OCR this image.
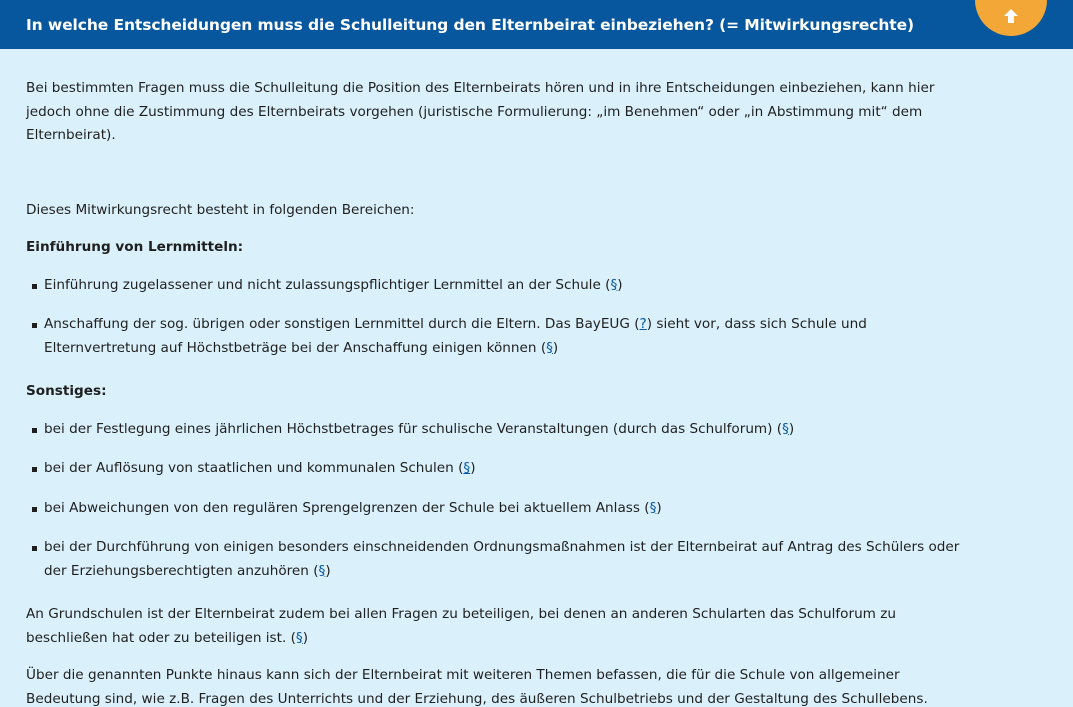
In welche Entscheidungen muss die Schulleitung den Elternbeirat einbeziehen? (= Mitwirkungsrechte)

Bei bestimmten Fragen muss die Schulleitung die Position des Elternbeirats hören und in ihre Entscheidungen einbeziehen, kann hier jedoch ohne die Zustimmung des Elternbeirats vorgehen (juristische Formulierung: „im Benehmen“ oder „in Abstimmung mit“ dem Elternbeirat).

Dieses Mitwirkungsrecht besteht in folgenden Bereichen:

Einführung von Lernmitteln:

Einführung zugelassener und nicht zulassungspflichtiger Lernmittel an der Schule (§)
Anschaffung der sog. übrigen oder sonstigen Lernmittel durch die Eltern. Das BayEUG (?) sieht vor, dass sich Schule und Elternvertretung auf Höchstbeträge bei der Anschaffung einigen können (§)

Sonstiges:

bei der Festlegung eines jährlichen Höchstbetrages für schulische Veranstaltungen (durch das Schulforum) (§)
bei der Auflösung von staatlichen und kommunalen Schulen (§)
bei Abweichungen von den regulären Sprengelgrenzen der Schule bei aktuellem Anlass (§)
bei der Durchführung von einigen besonders einschneidenden Ordnungsmaßnahmen ist der Elternbeirat auf Antrag des Schülers oder der Erziehungsberechtigten anzuhören (§)

An Grundschulen ist der Elternbeirat zudem bei allen Fragen zu beteiligen, bei denen an anderen Schularten das Schulforum zu beschließen hat oder zu beteiligen ist. (§)

Über die genannten Punkte hinaus kann sich der Elternbeirat mit weiteren Themen befassen, die für die Schule von allgemeiner Bedeutung sind, wie z.B. Fragen des Unterrichts und der Erziehung, des äußeren Schulbetriebs und der Gestaltung des Schullebens.
